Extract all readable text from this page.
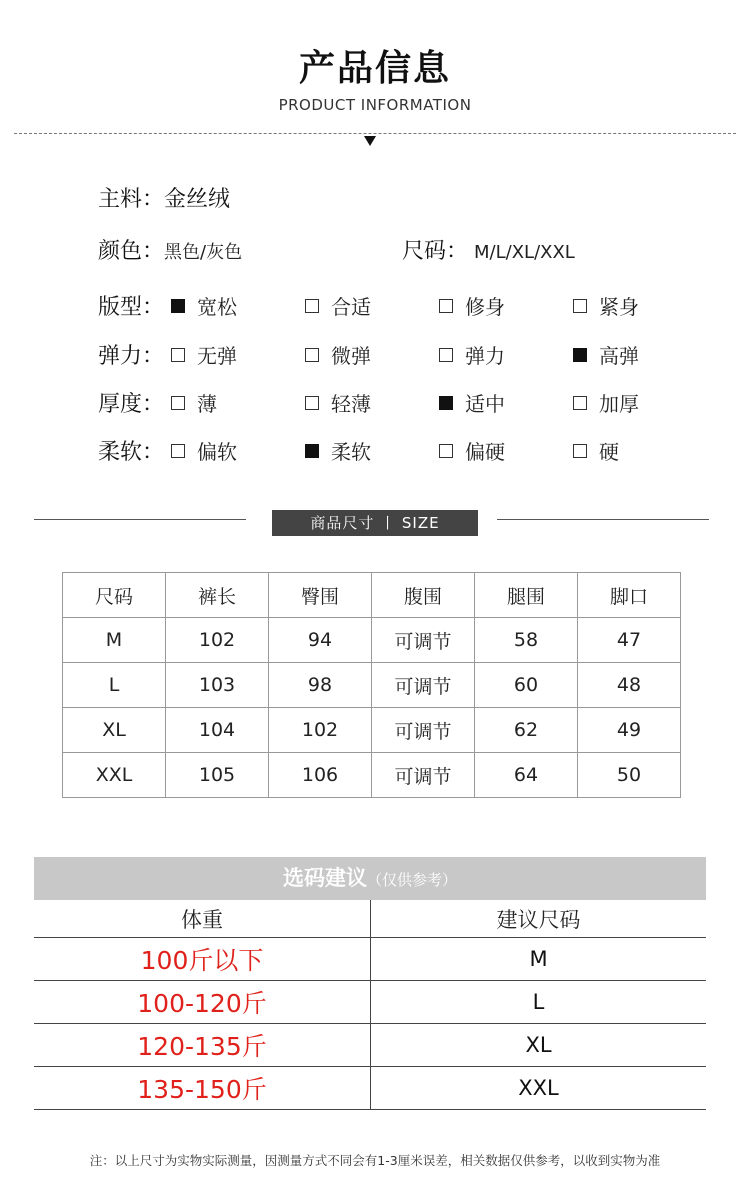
产品信息
PRODUCT INFORMATION
主料： 金丝绒
颜色： 黑色/灰色	尺码： M/L/XL/XXL
版型： 宽松	合适	修身	紧身
弹力： 无弹	微弹	弹力	高弹
厚度： 薄	轻薄	适中	加厚
柔软： 偏软	柔软	偏硬	硬
商品尺寸 丨 SIZE
尺码	裤长	臀围	腹围	腿围	脚口
M	102	94	可调节	58	47
L	103	98	可调节	60	48
XL	104	102	可调节	62	49
XXL	105	106	可调节	64	50
选码建议（仅供参考）
体重	建议尺码
100斤以下	M
100-120斤	L
120-135斤	XL
135-150斤	XXL
注：以上尺寸为实物实际测量，因测量方式不同会有1-3厘米误差，相关数据仅供参考，以收到实物为准
